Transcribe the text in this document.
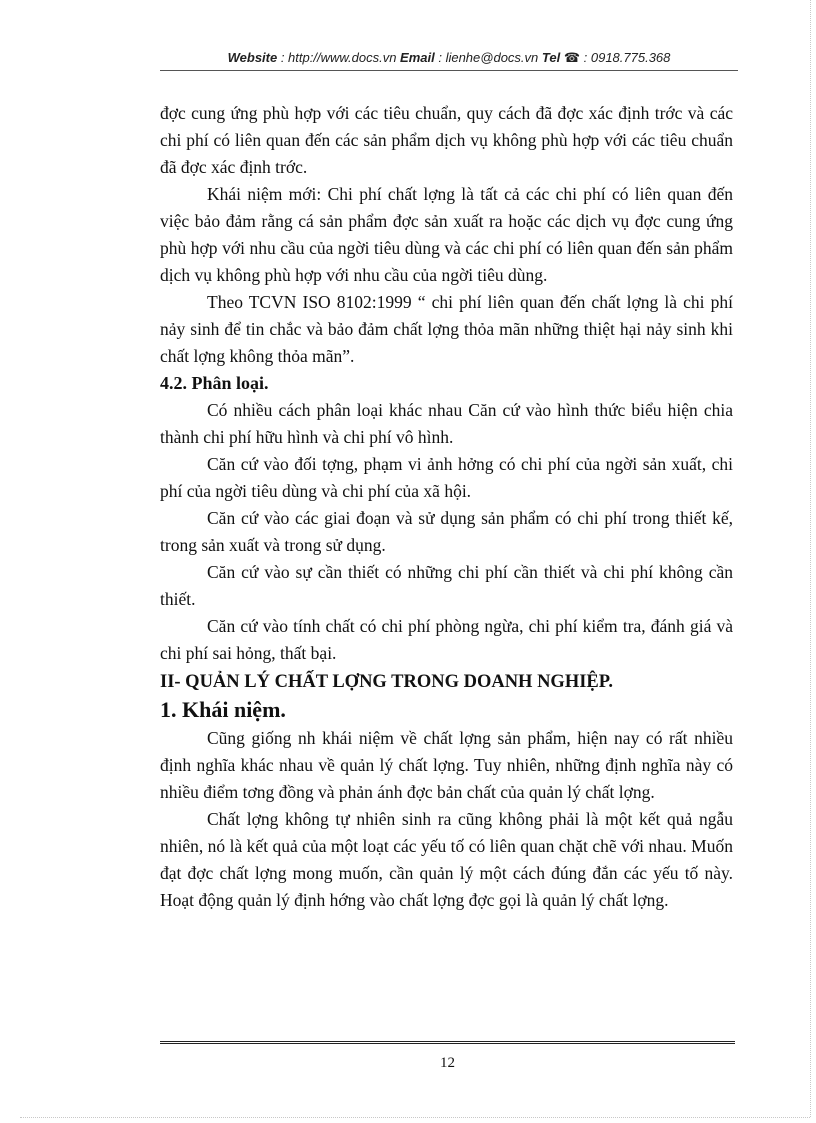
Website : http://www.docs.vn Email : lienhe@docs.vn Tel ☎ : 0918.775.368

đợc cung ứng phù hợp với các tiêu chuẩn, quy cách đã đợc xác định trớc và các chi phí có liên quan đến các sản phẩm dịch vụ không phù hợp với các tiêu chuẩn đã đợc xác định trớc.

Khái niệm mới: Chi phí chất lợng là tất cả các chi phí có liên quan đến việc bảo đảm rằng cá sản phẩm đợc sản xuất ra hoặc các dịch vụ đợc cung ứng phù hợp với nhu cầu của ngời tiêu dùng và các chi phí có liên quan đến sản phẩm dịch vụ không phù hợp với nhu cầu của ngời tiêu dùng.

Theo TCVN ISO 8102:1999 “ chi phí liên quan đến chất lợng là chi phí nảy sinh để tin chắc và bảo đảm chất lợng thỏa mãn những thiệt hại nảy sinh khi chất lợng không thỏa mãn”.

4.2. Phân loại.

Có nhiều cách phân loại khác nhau Căn cứ vào hình thức biểu hiện chia thành chi phí hữu hình và chi phí vô hình.

Căn cứ vào đối tợng, phạm vi ảnh hởng có chi phí của ngời sản xuất, chi phí của ngời tiêu dùng và chi phí của xã hội.

Căn cứ vào các giai đoạn và sử dụng sản phẩm có chi phí trong thiết kế, trong sản xuất và trong sử dụng.

Căn cứ vào sự cần thiết có những chi phí cần thiết và chi phí không cần thiết.

Căn cứ vào tính chất có chi phí phòng ngừa, chi phí kiểm tra, đánh giá và chi phí sai hỏng, thất bại.

II- QUẢN LÝ CHẤT LỢNG TRONG DOANH NGHIỆP.
1. Khái niệm.

Cũng giống nh khái niệm về chất lợng sản phẩm, hiện nay có rất nhiều định nghĩa khác nhau về quản lý chất lợng. Tuy nhiên, những định nghĩa này có nhiều điểm tơng đồng và phản ánh đợc bản chất của quản lý chất lợng.

Chất lợng không tự nhiên sinh ra cũng không phải là một kết quả ngẫu nhiên, nó là kết quả của một loạt các yếu tố có liên quan chặt chẽ với nhau. Muốn đạt đợc chất lợng mong muốn, cần quản lý một cách đúng đắn các yếu tố này. Hoạt động quản lý định hớng vào chất lợng đợc gọi là quản lý chất lợng.

12
